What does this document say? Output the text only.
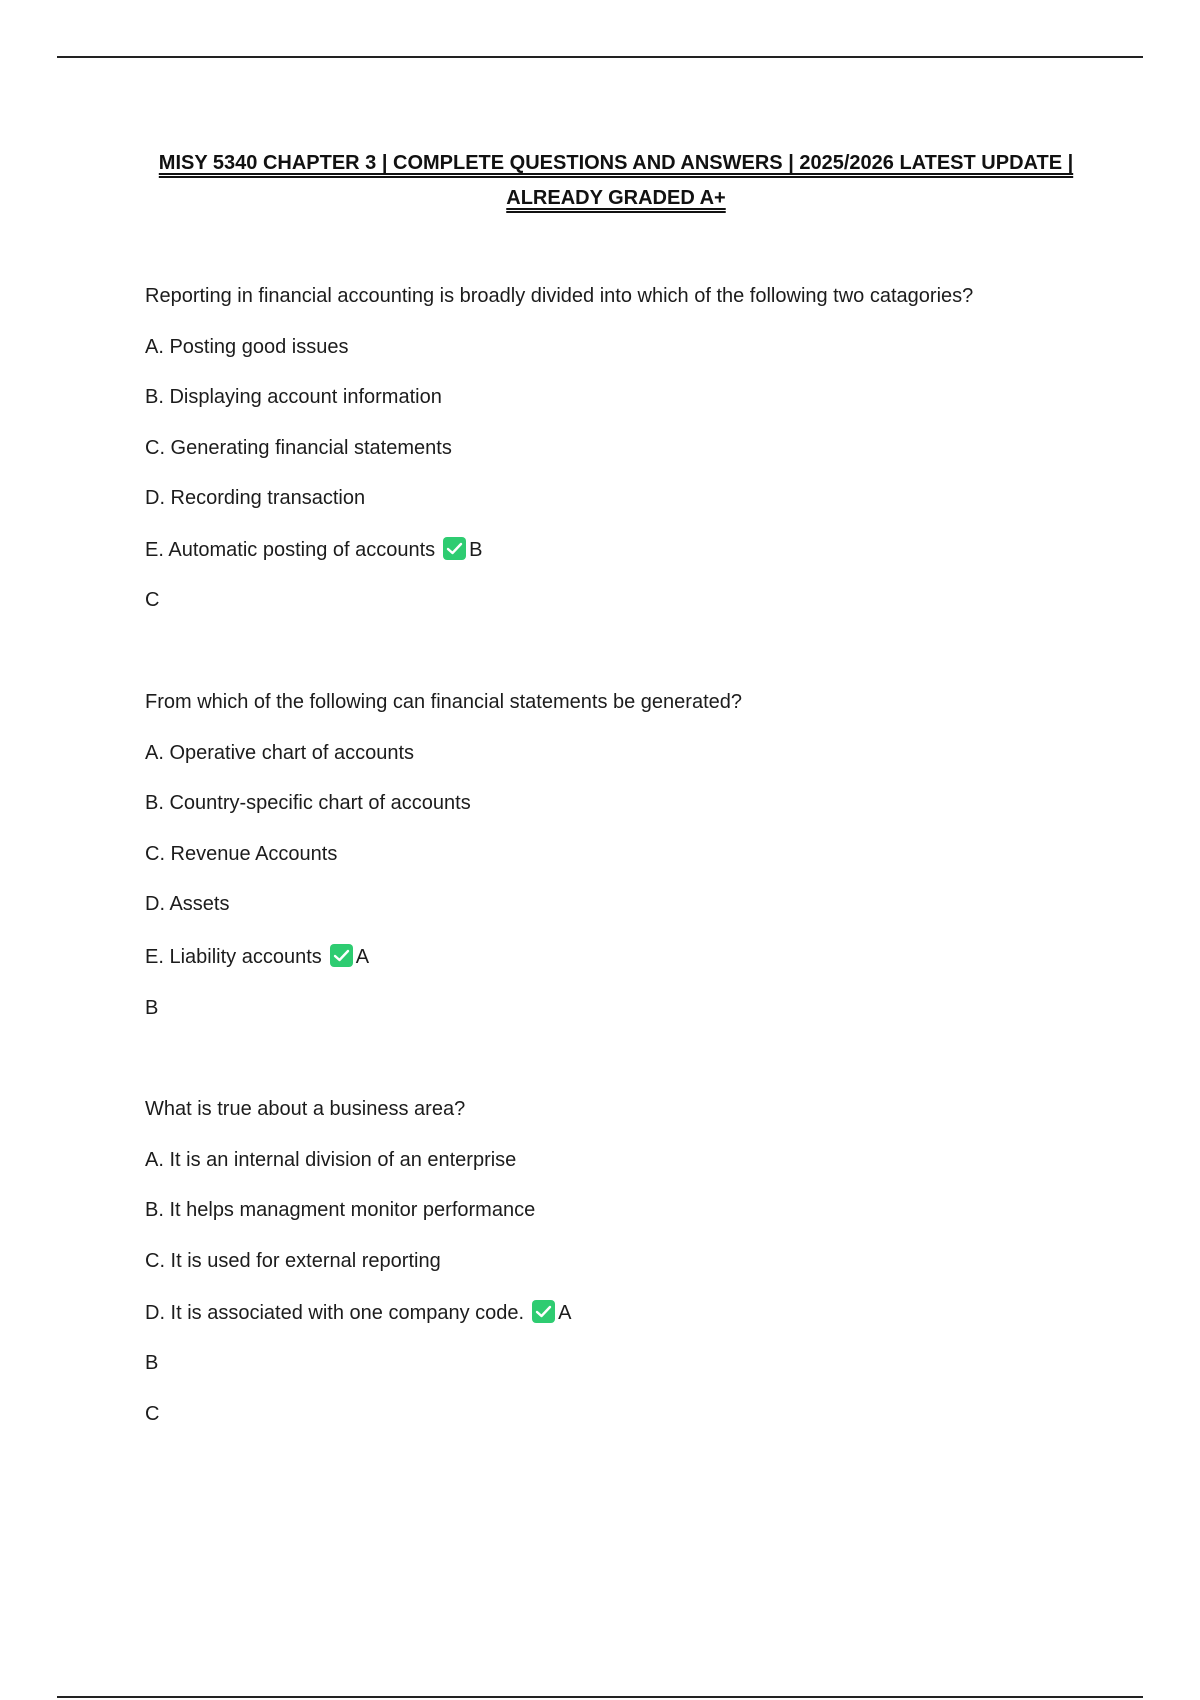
MISY 5340 CHAPTER 3 | COMPLETE QUESTIONS AND ANSWERS | 2025/2026 LATEST UPDATE |
ALREADY GRADED A+
Reporting in financial accounting is broadly divided into which of the following two catagories?
A. Posting good issues
B. Displaying account information
C. Generating financial statements
D. Recording transaction
E. Automatic posting of accounts B
C
From which of the following can financial statements be generated?
A. Operative chart of accounts
B. Country-specific chart of accounts
C. Revenue Accounts
D. Assets
E. Liability accounts A
B
What is true about a business area?
A. It is an internal division of an enterprise
B. It helps managment monitor performance
C. It is used for external reporting
D. It is associated with one company code. A
B
C
